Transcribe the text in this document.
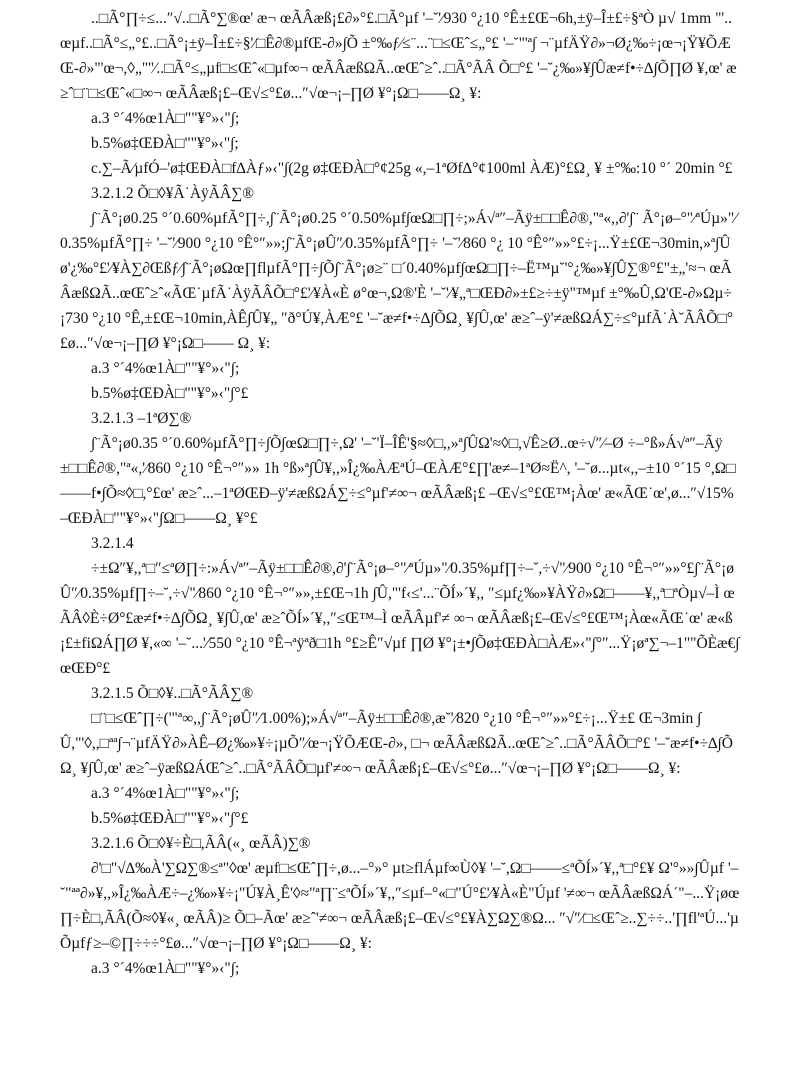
..□Ã°∏÷≤...″√..□Ã°∑®œ' æ¬ œÃÂæß¡£∂»°£.□Ã°µf '–˘'⁄930 °¿10 °Ê±£Œ¬6h,±ÿ–Î±£÷§ªÒ µ√ 1mm "'..œµf..□Ã°≤„°£..□Ã°¡±ÿ–Î±£÷§'⁄□Ê∂®µfŒ‐∂»∫Õ ±°‰ƒ⁄≤¨...¨□≤Œˆ≤„°£ '–˘"'ª∫ ¬¨µfÄŸ∂»¬Ø¿‰÷¡œ¬¡Ÿ¥ÕÆŒ‐∂»"'œ¬,◊„"''⁄..□Ã°≤„µf□≤Œˆ«□µf∞¬ œÃÂæßΩÃ..œŒˆ≥ˆ..□Ã°ÃÂ Õ□°£ '–˘¿‰»¥∫Ûæ≠f•÷∆∫Õ∏Ø ¥,œ' æ≥ˆ□¨□≤Œˆ«□∞¬ œÃÂæß¡£–Œ√≤°£ø...″√œ¬¡–∏Ø ¥°¡Ω□——Ω¸ ¥:

a.3 °´4%œ1À□""¥°»‹"∫;

b.5%ø‡ŒÐÀ□""¥°»‹"∫;

c.∑–Ã⁄µfÓ–'ø‡ŒÐÀ□f∆Àƒ»‹"∫(2g ø‡ŒÐÀ□°¢25g «,–1ªØf∆°¢100ml ÀÆ)°£Ω¸ ¥ ±°‰:10 °´ 20min °£

3.2.1.2 Õ□◊¥Ã˙ÀÿÃÂ∑®

∫¨Ã°¡ø0.25 °´0.60%µfÃ°∏÷,∫¨Ã°¡ø0.25 °´0.50%µf∫œΩ□∏÷;»Á√ª″–Ãÿ±□□Ê∂®,"ª«,,∂'∫¨ Ã°¡ø–°"⁄ªÚµ»"⁄0.35%µfÃ°∏÷ '–˘'⁄900 °¿10 °Ê°″»»;∫¨Ã°¡øÛ″⁄0.35%µfÃ°∏÷ '–˘'⁄860 °¿ 10 °Ê°″»»°£÷¡...Ÿ±£Œ¬30min,»ª∫Ûø'¿‰°£'⁄¥À∑∂Œßƒ⁄∫¨Ã°¡øΩœ∏flµfÃ°∏÷∫Õ∫¨Ã°¡ø≥¨ □´0.40%µf∫œΩ□∏÷–Ë™µ˘'°¿‰»¥∫Û∑®°£"±„'≈¬ œÃÂæßΩÃ..œŒˆ≥ˆ«ÃŒ˙µfÃ˙ÀÿÃÂÕ□°£'⁄¥À«È ø°œ¬,Ω®'È '–˘'⁄¥„ª□ŒÐ∂»±£≥÷±ÿ"™µf ±°‰Û,Ω'Œ‐∂»Ωµ÷¡730 °¿10 °Ê,±£Œ¬10min,ÀÊ∫Û¥„ ″ð°Ú¥,ÀÆ°£ '–˘æ≠f•÷∆∫ÕΩ¸ ¥∫Û,œ' æ≥ˆ–ÿ'≠æßΩÁ∑÷≤°µfÃ˙À˘ÃÂÕ□°£ø...″√œ¬¡–∏Ø ¥°¡Ω□—— Ω¸ ¥:

a.3 °´4%œ1À□""¥°»‹"∫;

b.5%ø‡ŒÐÀ□""¥°»‹"∫°£

3.2.1.3 –1ªØ∑®

∫¨Ã°¡ø0.35 °´0.60%µfÃ°∏÷∫Õ∫œΩ□∏÷,Ω' '–˘'Ï–ÎÊ'§≈◊□,,»ª∫ÛΩ'≈◊□,√Ê≥Ø..œ÷√″⁄–Ø ÷–°ß»Á√ª″–Ãÿ±□□Ê∂®,"ª«,'⁄860 °¿10 °Ê¬°″»» 1h °ß»ª∫Û¥,,»Î¿‰ÀÆªÚ–ŒÀÆ°£∏'æ≠–1ªØ≈Ë^, '–˘ø...µt«,,–±10 °´15 °,Ω□——f•∫Õ≈◊□,°£œ' æ≥ˆ...–1ªØŒÐ–ÿ'≠æßΩÁ∑÷≤°µf'≠∞¬ œÃÂæß¡£ –Œ√≤°£Œ™¡Àœ' æ«ÃŒ˙œ',ø...″√15%–ŒÐÀ□""¥°»‹"∫Ω□——Ω¸ ¥°£

3.2.1.4

÷±Ω″¥,,ª□″≤ªØ∏÷:»Á√ª″–Ãÿ±□□Ê∂®,∂'∫¨Ã°¡ø–°"⁄ªÚµ»"⁄0.35%µf∏÷–˘,÷√"⁄900 °¿10 °Ê¬°″»»°£∫¨Ã°¡øÛ″⁄0.35%µf∏÷–˘,÷√"⁄860 °¿10 °Ê¬°″»»,±£Œ¬1h ∫Û,"'f‹≤'...¨ÕÍ»´¥,, ″≤µf¿‰»¥ÀŸ∂»Ω□——¥,,ª□ªÒµ√–Ì œÃÂ◊È÷Ø°£æ≠f•÷∆∫ÕΩ¸ ¥∫Û,œ' æ≥ˆÕÍ»´¥,,″≤Œ™–Ì œÃÂµf'≠ ∞¬ œÃÂæß¡£–Œ√≤°£Œ™¡Àœ«ÃŒ˙œ' æ«ß¡£±fiΩÁ∏Ø ¥,«∞ '–˘...'⁄550 °¿10 °Ê¬ªÿªð□1h °£≥Ê″√µf ∏Ø ¥°¡±•∫Õø‡ŒÐÀ□ÀÆ»‹"∫°″...Ÿ¡øª∑¬–1""ÕÈæ€∫œŒÐ°£

3.2.1.5 Õ□◊¥..□Ã°ÃÂ∑®

□¨□≤Œˆ∏÷('"ª∞,,∫¨Ã°¡øÛ″⁄1.00%);»Á√ª″–Ãÿ±□□Ê∂®,æ˘'⁄820 °¿10 °Ê¬°″»»°£÷¡...Ÿ±£ Œ¬3min ∫Û,"'◊,,□ªª∫¬¨µfÄŸ∂»ÀÊ–Ø¿‰»¥÷¡µÕ″⁄œ¬¡ŸÕÆŒ‐∂», □¬ œÃÂæßΩÃ..œŒˆ≥ˆ..□Ã°ÃÂÕ□°£ '–˘æ≠f•÷∆∫ÕΩ¸ ¥∫Û,œ' æ≥ˆ–ÿæßΩÁŒˆ≥ˆ..□Ã°ÃÂÕ□µf'≠∞¬ œÃÂæß¡£–Œ√≤°£ø...″√œ¬¡–∏Ø ¥°¡Ω□——Ω¸ ¥:

a.3 °´4%œ1À□""¥°»‹"∫;

b.5%ø‡ŒÐÀ□""¥°»‹"∫°£

3.2.1.6 Õ□◊¥÷È□,ÃÂ(«¸ œÃÂ)∑®

∂'□"√∆‰À'∑Ω∑®≤ª"◊œ' æµf□≤Œˆ∏÷,ø...–°»° µt≥flÁµf∞Ù◊¥ '–˘,Ω□——≤ªÕÍ»´¥,,ª□°£¥ Ω'°»»∫Ûµf '–˘"ªª∂»¥,,»Î¿‰ÀÆ÷–¿‰»¥÷¡"Ú¥À¸Ê'◊≈"ª∏¨≤ªÕÍ»´¥,,″≤µf–°«□"Ú°£'⁄¥À«È"Úµf '≠∞¬ œÃÂæßΩÁ´"–...Ÿ¡øœ∏÷È□,ÃÂ(Õ≈◊¥«¸ œÃÂ)≥ Õ□–Ãœ' æ≥ˆ'≠∞¬ œÃÂæß¡£–Œ√≤°£¥À∑Ω∑®Ω... ″√″⁄□≤Œˆ≥..∑÷÷..'∏fl'ªÚ...'µÕµfƒ≥–©∏÷÷÷°£ø...″√œ¬¡–∏Ø ¥°¡Ω□——Ω¸ ¥:

a.3 °´4%œ1À□""¥°»‹"∫;
